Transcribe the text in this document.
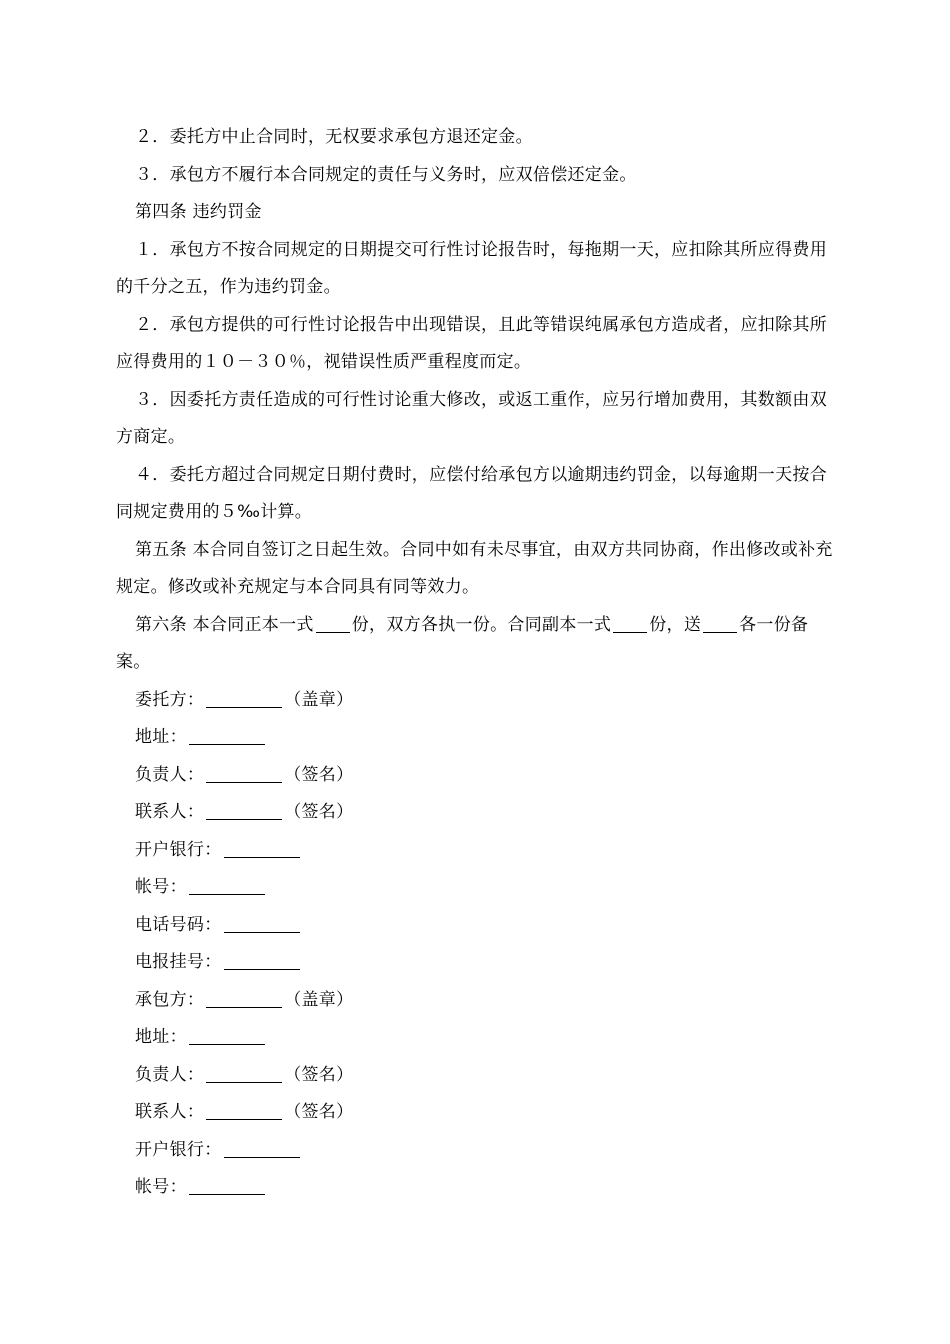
２．委托方中止合同时，无权要求承包方退还定金。

３．承包方不履行本合同规定的责任与义务时，应双倍偿还定金。

第四条 违约罚金

１．承包方不按合同规定的日期提交可行性讨论报告时，每拖期一天，应扣除其所应得费用的千分之五，作为违约罚金。

２．承包方提供的可行性讨论报告中出现错误，且此等错误纯属承包方造成者，应扣除其所应得费用的１０－３０％，视错误性质严重程度而定。

３．因委托方责任造成的可行性讨论重大修改，或返工重作，应另行增加费用，其数额由双方商定。

４．委托方超过合同规定日期付费时，应偿付给承包方以逾期违约罚金，以每逾期一天按合同规定费用的５‰计算。

第五条 本合同自签订之日起生效。合同中如有未尽事宜，由双方共同协商，作出修改或补充规定。修改或补充规定与本合同具有同等效力。

第六条 本合同正本一式 份，双方各执一份。合同副本一式 份，送 各一份备案。

委托方：	（盖章）

地址：

负责人：	（签名）

联系人：	（签名）

开户银行：

帐号：

电话号码：

电报挂号：

承包方：	（盖章）

地址：

负责人：	（签名）

联系人：	（签名）

开户银行：

帐号：
